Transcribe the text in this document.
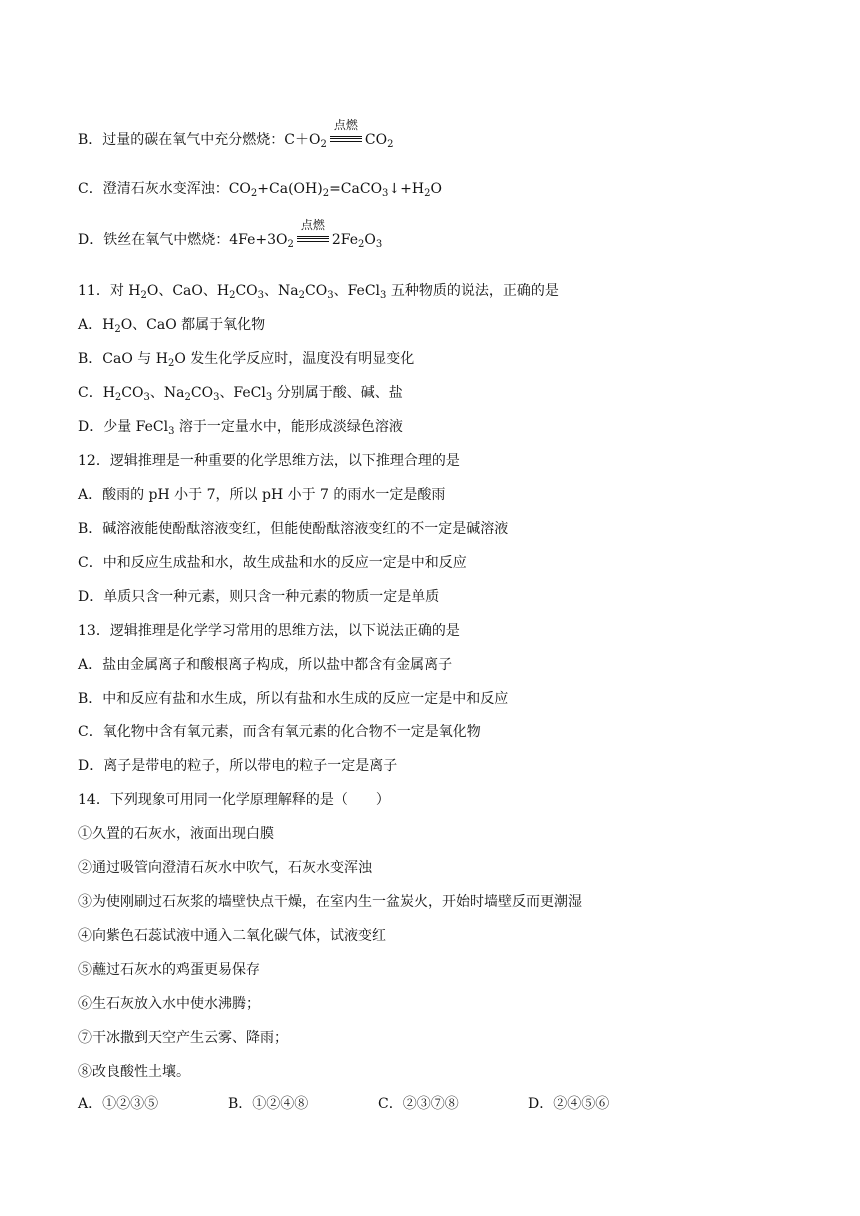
B．过量的碳在氧气中充分燃烧：$C+O_2$
点燃
$CO_2$
C．澄清石灰水变浑浊：$CO_2+Ca(OH)_2=CaCO_3↓+H_2O$
D．铁丝在氧气中燃烧：$4Fe+3O_2$
点燃
$2Fe_2O_3$
11．对 $H_2O$、CaO、$H_2CO_3$、$Na_2CO_3$、FeCl$_3$ 五种物质的说法，正确的是
A．$H_2O$、CaO 都属于氧化物
B．CaO 与 $H_2O$ 发生化学反应时，温度没有明显变化
C．$H_2CO_3$、$Na_2CO_3$、FeCl$_3$ 分别属于酸、碱、盐
D．少量 FeCl$_3$ 溶于一定量水中，能形成淡绿色溶液
12．逻辑推理是一种重要的化学思维方法，以下推理合理的是
A．酸雨的 pH 小于 7，所以 pH 小于 7 的雨水一定是酸雨
B．碱溶液能使酚酞溶液变红，但能使酚酞溶液变红的不一定是碱溶液
C．中和反应生成盐和水，故生成盐和水的反应一定是中和反应
D．单质只含一种元素，则只含一种元素的物质一定是单质
13．逻辑推理是化学学习常用的思维方法，以下说法正确的是
A．盐由金属离子和酸根离子构成，所以盐中都含有金属离子
B．中和反应有盐和水生成，所以有盐和水生成的反应一定是中和反应
C．氧化物中含有氧元素，而含有氧元素的化合物不一定是氧化物
D．离子是带电的粒子，所以带电的粒子一定是离子
14．下列现象可用同一化学原理解释的是（　　）
①久置的石灰水，液面出现白膜
②通过吸管向澄清石灰水中吹气，石灰水变浑浊
③为使刚刷过石灰浆的墙壁快点干燥，在室内生一盆炭火，开始时墙壁反而更潮湿
④向紫色石蕊试液中通入二氧化碳气体，试液变红
⑤蘸过石灰水的鸡蛋更易保存
⑥生石灰放入水中使水沸腾；
⑦干冰撒到天空产生云雾、降雨；
⑧改良酸性土壤。
A．①②③⑤	B．①②④⑧	C．②③⑦⑧	D．②④⑤⑥
